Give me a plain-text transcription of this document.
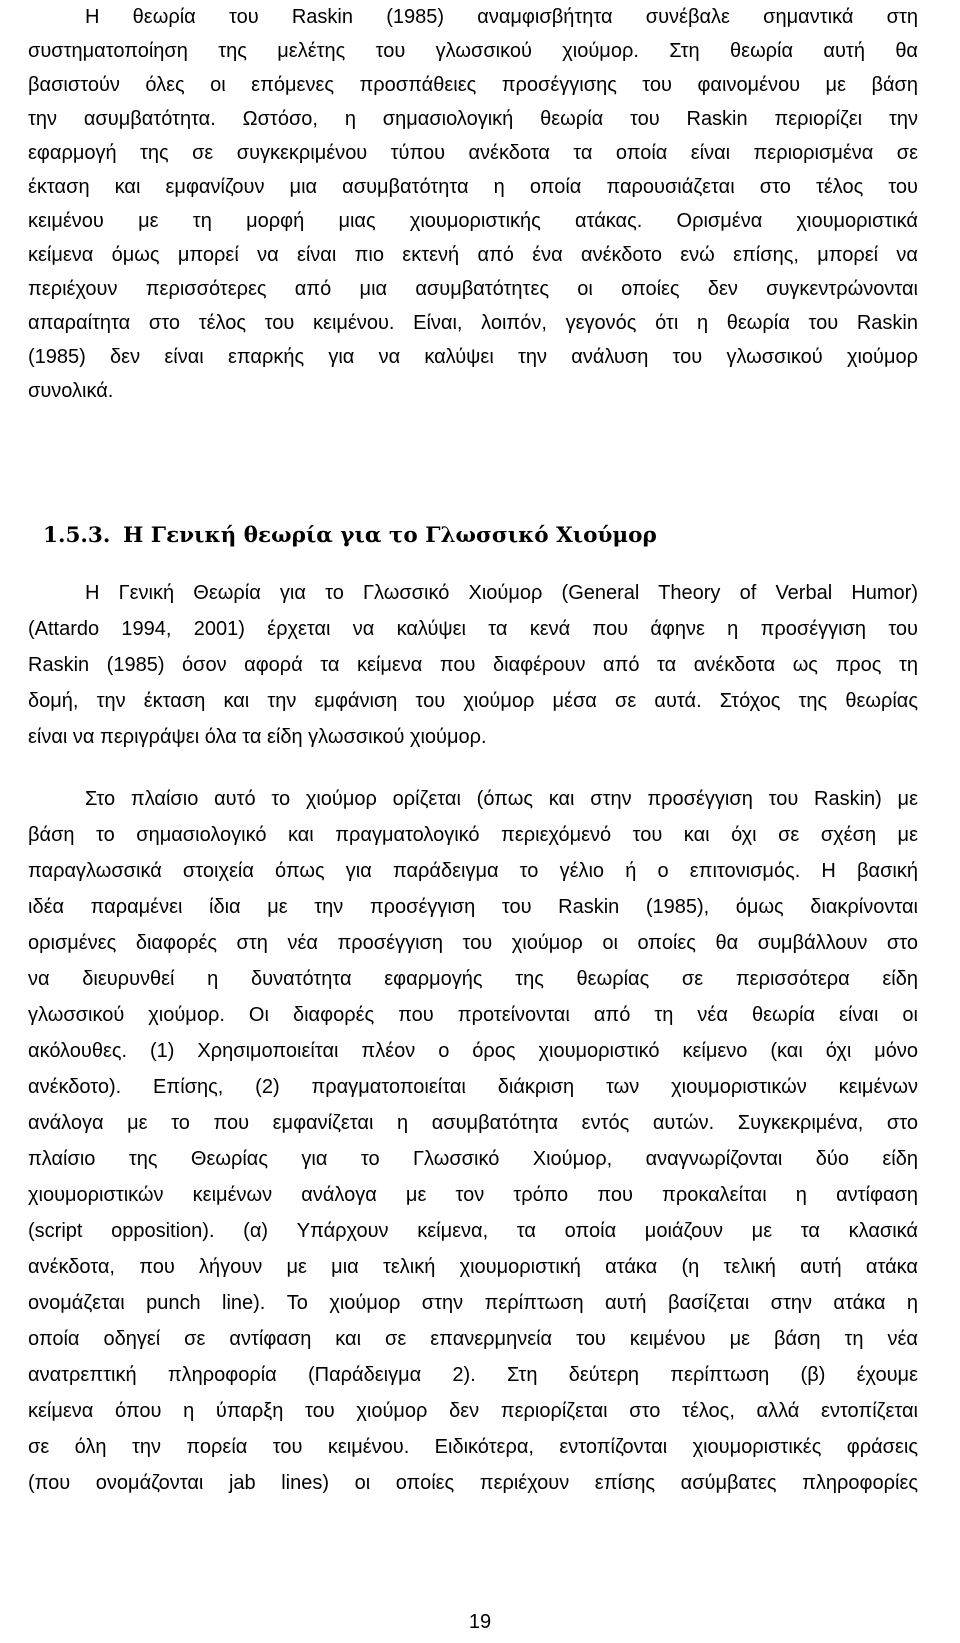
Η θεωρία του Raskin (1985) αναμφισβήτητα συνέβαλε σημαντικά στη
συστηματοποίηση της μελέτης του γλωσσικού χιούμορ. Στη θεωρία αυτή θα
βασιστούν όλες οι επόμενες προσπάθειες προσέγγισης του φαινομένου με βάση
την ασυμβατότητα. Ωστόσο, η σημασιολογική θεωρία του Raskin περιορίζει την
εφαρμογή της σε συγκεκριμένου τύπου ανέκδοτα τα οποία είναι περιορισμένα σε
έκταση και εμφανίζουν μια ασυμβατότητα η οποία παρουσιάζεται στο τέλος του
κειμένου με τη μορφή μιας χιουμοριστικής ατάκας. Ορισμένα χιουμοριστικά
κείμενα όμως μπορεί να είναι πιο εκτενή από ένα ανέκδοτο ενώ επίσης, μπορεί να
περιέχουν περισσότερες από μια ασυμβατότητες οι οποίες δεν συγκεντρώνονται
απαραίτητα στο τέλος του κειμένου. Είναι, λοιπόν, γεγονός ότι η θεωρία του Raskin
(1985) δεν είναι επαρκής για να καλύψει την ανάλυση του γλωσσικού χιούμορ
συνολικά.
1.5.3. Η Γενική θεωρία για το Γλωσσικό Χιούμορ
Η Γενική Θεωρία για το Γλωσσικό Χιούμορ (General Theory of Verbal Humor)
(Attardo 1994, 2001) έρχεται να καλύψει τα κενά που άφηνε η προσέγγιση του
Raskin (1985) όσον αφορά τα κείμενα που διαφέρουν από τα ανέκδοτα ως προς τη
δομή, την έκταση και την εμφάνιση του χιούμορ μέσα σε αυτά. Στόχος της θεωρίας
είναι να περιγράψει όλα τα είδη γλωσσικού χιούμορ.
Στο πλαίσιο αυτό το χιούμορ ορίζεται (όπως και στην προσέγγιση του Raskin) με
βάση το σημασιολογικό και πραγματολογικό περιεχόμενό του και όχι σε σχέση με
παραγλωσσικά στοιχεία όπως για παράδειγμα το γέλιο ή ο επιτονισμός. Η βασική
ιδέα παραμένει ίδια με την προσέγγιση του Raskin (1985), όμως διακρίνονται
ορισμένες διαφορές στη νέα προσέγγιση του χιούμορ οι οποίες θα συμβάλλουν στο
να διευρυνθεί η δυνατότητα εφαρμογής της θεωρίας σε περισσότερα είδη
γλωσσικού χιούμορ. Οι διαφορές που προτείνονται από τη νέα θεωρία είναι οι
ακόλουθες. (1) Χρησιμοποιείται πλέον ο όρος χιουμοριστικό κείμενο (και όχι μόνο
ανέκδοτο). Επίσης, (2) πραγματοποιείται διάκριση των χιουμοριστικών κειμένων
ανάλογα με το που εμφανίζεται η ασυμβατότητα εντός αυτών. Συγκεκριμένα, στο
πλαίσιο της Θεωρίας για το Γλωσσικό Χιούμορ, αναγνωρίζονται δύο είδη
χιουμοριστικών κειμένων ανάλογα με τον τρόπο που προκαλείται η αντίφαση
(script opposition). (α) Υπάρχουν κείμενα, τα οποία μοιάζουν με τα κλασικά
ανέκδοτα, που λήγουν με μια τελική χιουμοριστική ατάκα (η τελική αυτή ατάκα
ονομάζεται punch line). Το χιούμορ στην περίπτωση αυτή βασίζεται στην ατάκα η
οποία οδηγεί σε αντίφαση και σε επανερμηνεία του κειμένου με βάση τη νέα
ανατρεπτική πληροφορία (Παράδειγμα 2). Στη δεύτερη περίπτωση (β) έχουμε
κείμενα όπου η ύπαρξη του χιούμορ δεν περιορίζεται στο τέλος, αλλά εντοπίζεται
σε όλη την πορεία του κειμένου. Ειδικότερα, εντοπίζονται χιουμοριστικές φράσεις
(που ονομάζονται jab lines) οι οποίες περιέχουν επίσης ασύμβατες πληροφορίες
19
